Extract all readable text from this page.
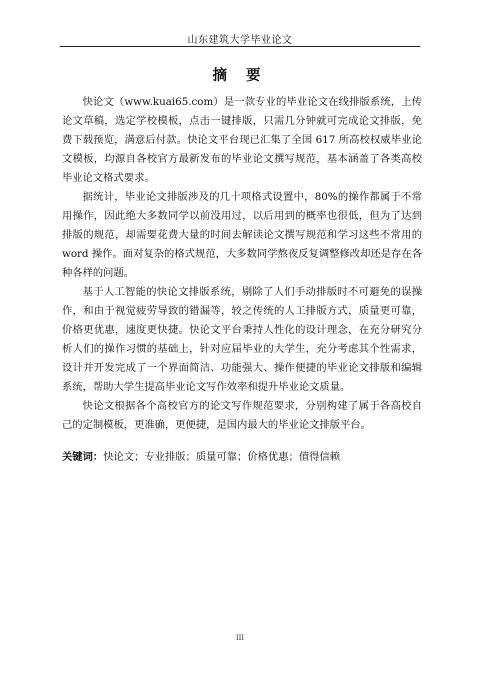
山东建筑大学毕业论文
摘 要

快论文（www.kuai65.com）是一款专业的毕业论文在线排版系统，上传论文草稿，选定学校模板，点击一键排版，只需几分钟就可完成论文排版，免费下载预览，满意后付款。快论文平台现已汇集了全国 617 所高校权威毕业论文模板，均源自各校官方最新发布的毕业论文撰写规范，基本涵盖了各类高校毕业论文格式要求。

据统计，毕业论文排版涉及的几十项格式设置中，80%的操作都属于不常用操作，因此绝大多数同学以前没用过，以后用到的概率也很低，但为了达到排版的规范，却需要花费大量的时间去解读论文撰写规范和学习这些不常用的 word 操作。面对复杂的格式规范，大多数同学熬夜反复调整修改却还是存在各种各样的问题。

基于人工智能的快论文排版系统，剔除了人们手动排版时不可避免的误操作，和由于视觉疲劳导致的错漏等，较之传统的人工排版方式，质量更可靠，价格更优惠，速度更快捷。快论文平台秉持人性化的设计理念，在充分研究分析人们的操作习惯的基础上，针对应届毕业的大学生，充分考虑其个性需求，设计并开发完成了一个界面简洁、功能强大、操作便捷的毕业论文排版和编辑系统，帮助大学生提高毕业论文写作效率和提升毕业论文质量。

快论文根据各个高校官方的论文写作规范要求，分别构建了属于各高校自己的定制模板，更准确，更便捷，是国内最大的毕业论文排版平台。

关键词：快论文；专业排版；质量可靠；价格优惠；值得信赖
III
